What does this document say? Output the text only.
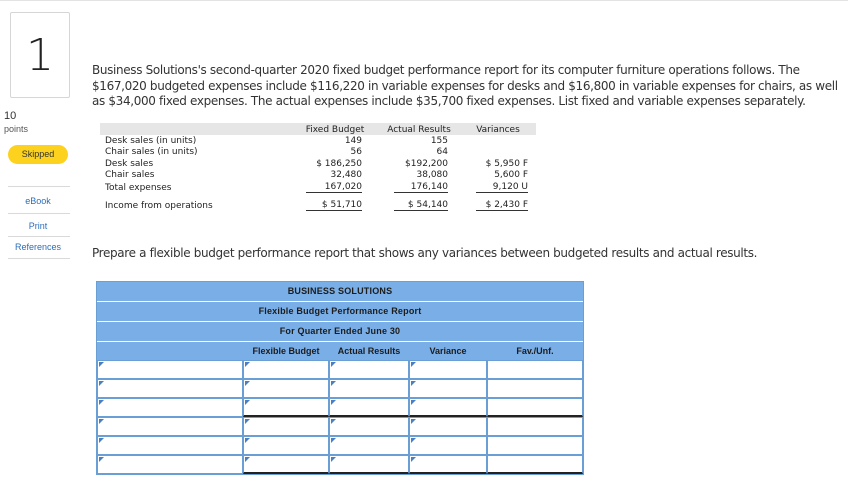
1
10
points
Skipped
eBook
Print
References
Business Solutions's second-quarter 2020 fixed budget performance report for its computer furniture operations follows. The $167,020 budgeted expenses include $116,220 in variable expenses for desks and $16,800 in variable expenses for chairs, as well as $34,000 fixed expenses. The actual expenses include $35,700 fixed expenses. List fixed and variable expenses separately.
Fixed Budget	Actual Results	Variances
Desk sales (in units)	149	155
Chair sales (in units)	56	64
Desk sales	$ 186,250	$192,200	$ 5,950 F
Chair sales	32,480	38,080	5,600 F
Total expenses	167,020	176,140	9,120 U
Income from operations	$ 51,710	$ 54,140	$ 2,430 F
Prepare a flexible budget performance report that shows any variances between budgeted results and actual results.
BUSINESS SOLUTIONS
Flexible Budget Performance Report
For Quarter Ended June 30
Flexible Budget	Actual Results	Variance	Fav./Unf.
